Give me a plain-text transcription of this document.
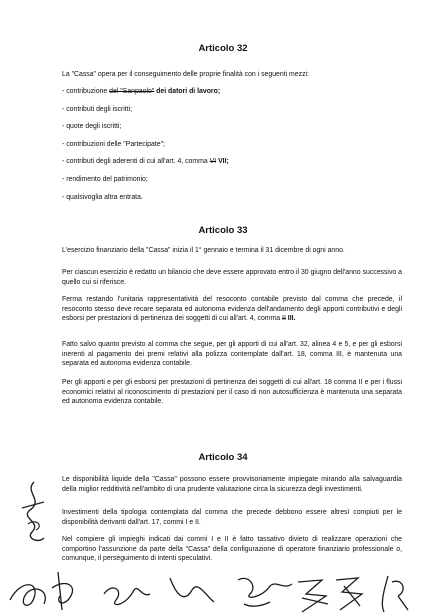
Articolo 32

La "Cassa" opera per il conseguimento delle proprie finalità con i seguenti mezzi:

- contribuzione del "Sanpaolo" dei datori di lavoro;
- contributi degli iscritti;
- quote degli iscritti;
- contribuzioni delle "Partecipate";
- contributi degli aderenti di cui all'art. 4, comma VI VII;
- rendimento del patrimonio;
- qualsivoglia altra entrata.
Articolo 33

L'esercizio finanziario della "Cassa" inizia il 1° gennaio e termina il 31 dicembre di ogni anno.

Per ciascun esercizio è redatto un bilancio che deve essere approvato entro il 30 giugno dell'anno successivo a quello cui si riferisce.

Ferma restando l'unitaria rappresentatività del resoconto contabile previsto dal comma che precede, il resoconto stesso deve recare separata ed autonoma evidenza dell'andamento degli apporti contributivi e degli esborsi per prestazioni di pertinenza dei soggetti di cui all'art. 4, comma II III.

Fatto salvo quanto previsto al comma che segue, per gli apporti di cui all'art. 32, alinea 4 e 5, e per gli esborsi inerenti al pagamento dei premi relativi alla polizza contemplate dall'art. 18, comma III, è mantenuta una separata ed autonoma evidenza contabile.

Per gli apporti e per gli esborsi per prestazioni di pertinenza dei soggetti di cui all'art. 18 comma II e per i flussi economici relativi al riconoscimento di prestazioni per il caso di non autosufficienza è mantenuta una separata ed autonoma evidenza contabile.

Articolo 34

Le disponibilità liquide della "Cassa" possono essere provvisoriamente impiegate mirando alla salvaguardia della miglior redditività nell'ambito di una prudente valutazione circa la sicurezza degli investimenti.

Investimenti della tipologia contemplata dal comma che precede debbono essere altresì compiuti per le disponibilità derivanti dall'art. 17, commi I e II.

Nel compiere gli impieghi indicati dai commi I e II è fatto tassativo divieto di realizzare operazioni che comportino l'assunzione da parte della "Cassa" della configurazione di operatore finanziario professionale o, comunque, il perseguimento di intenti speculativi.
